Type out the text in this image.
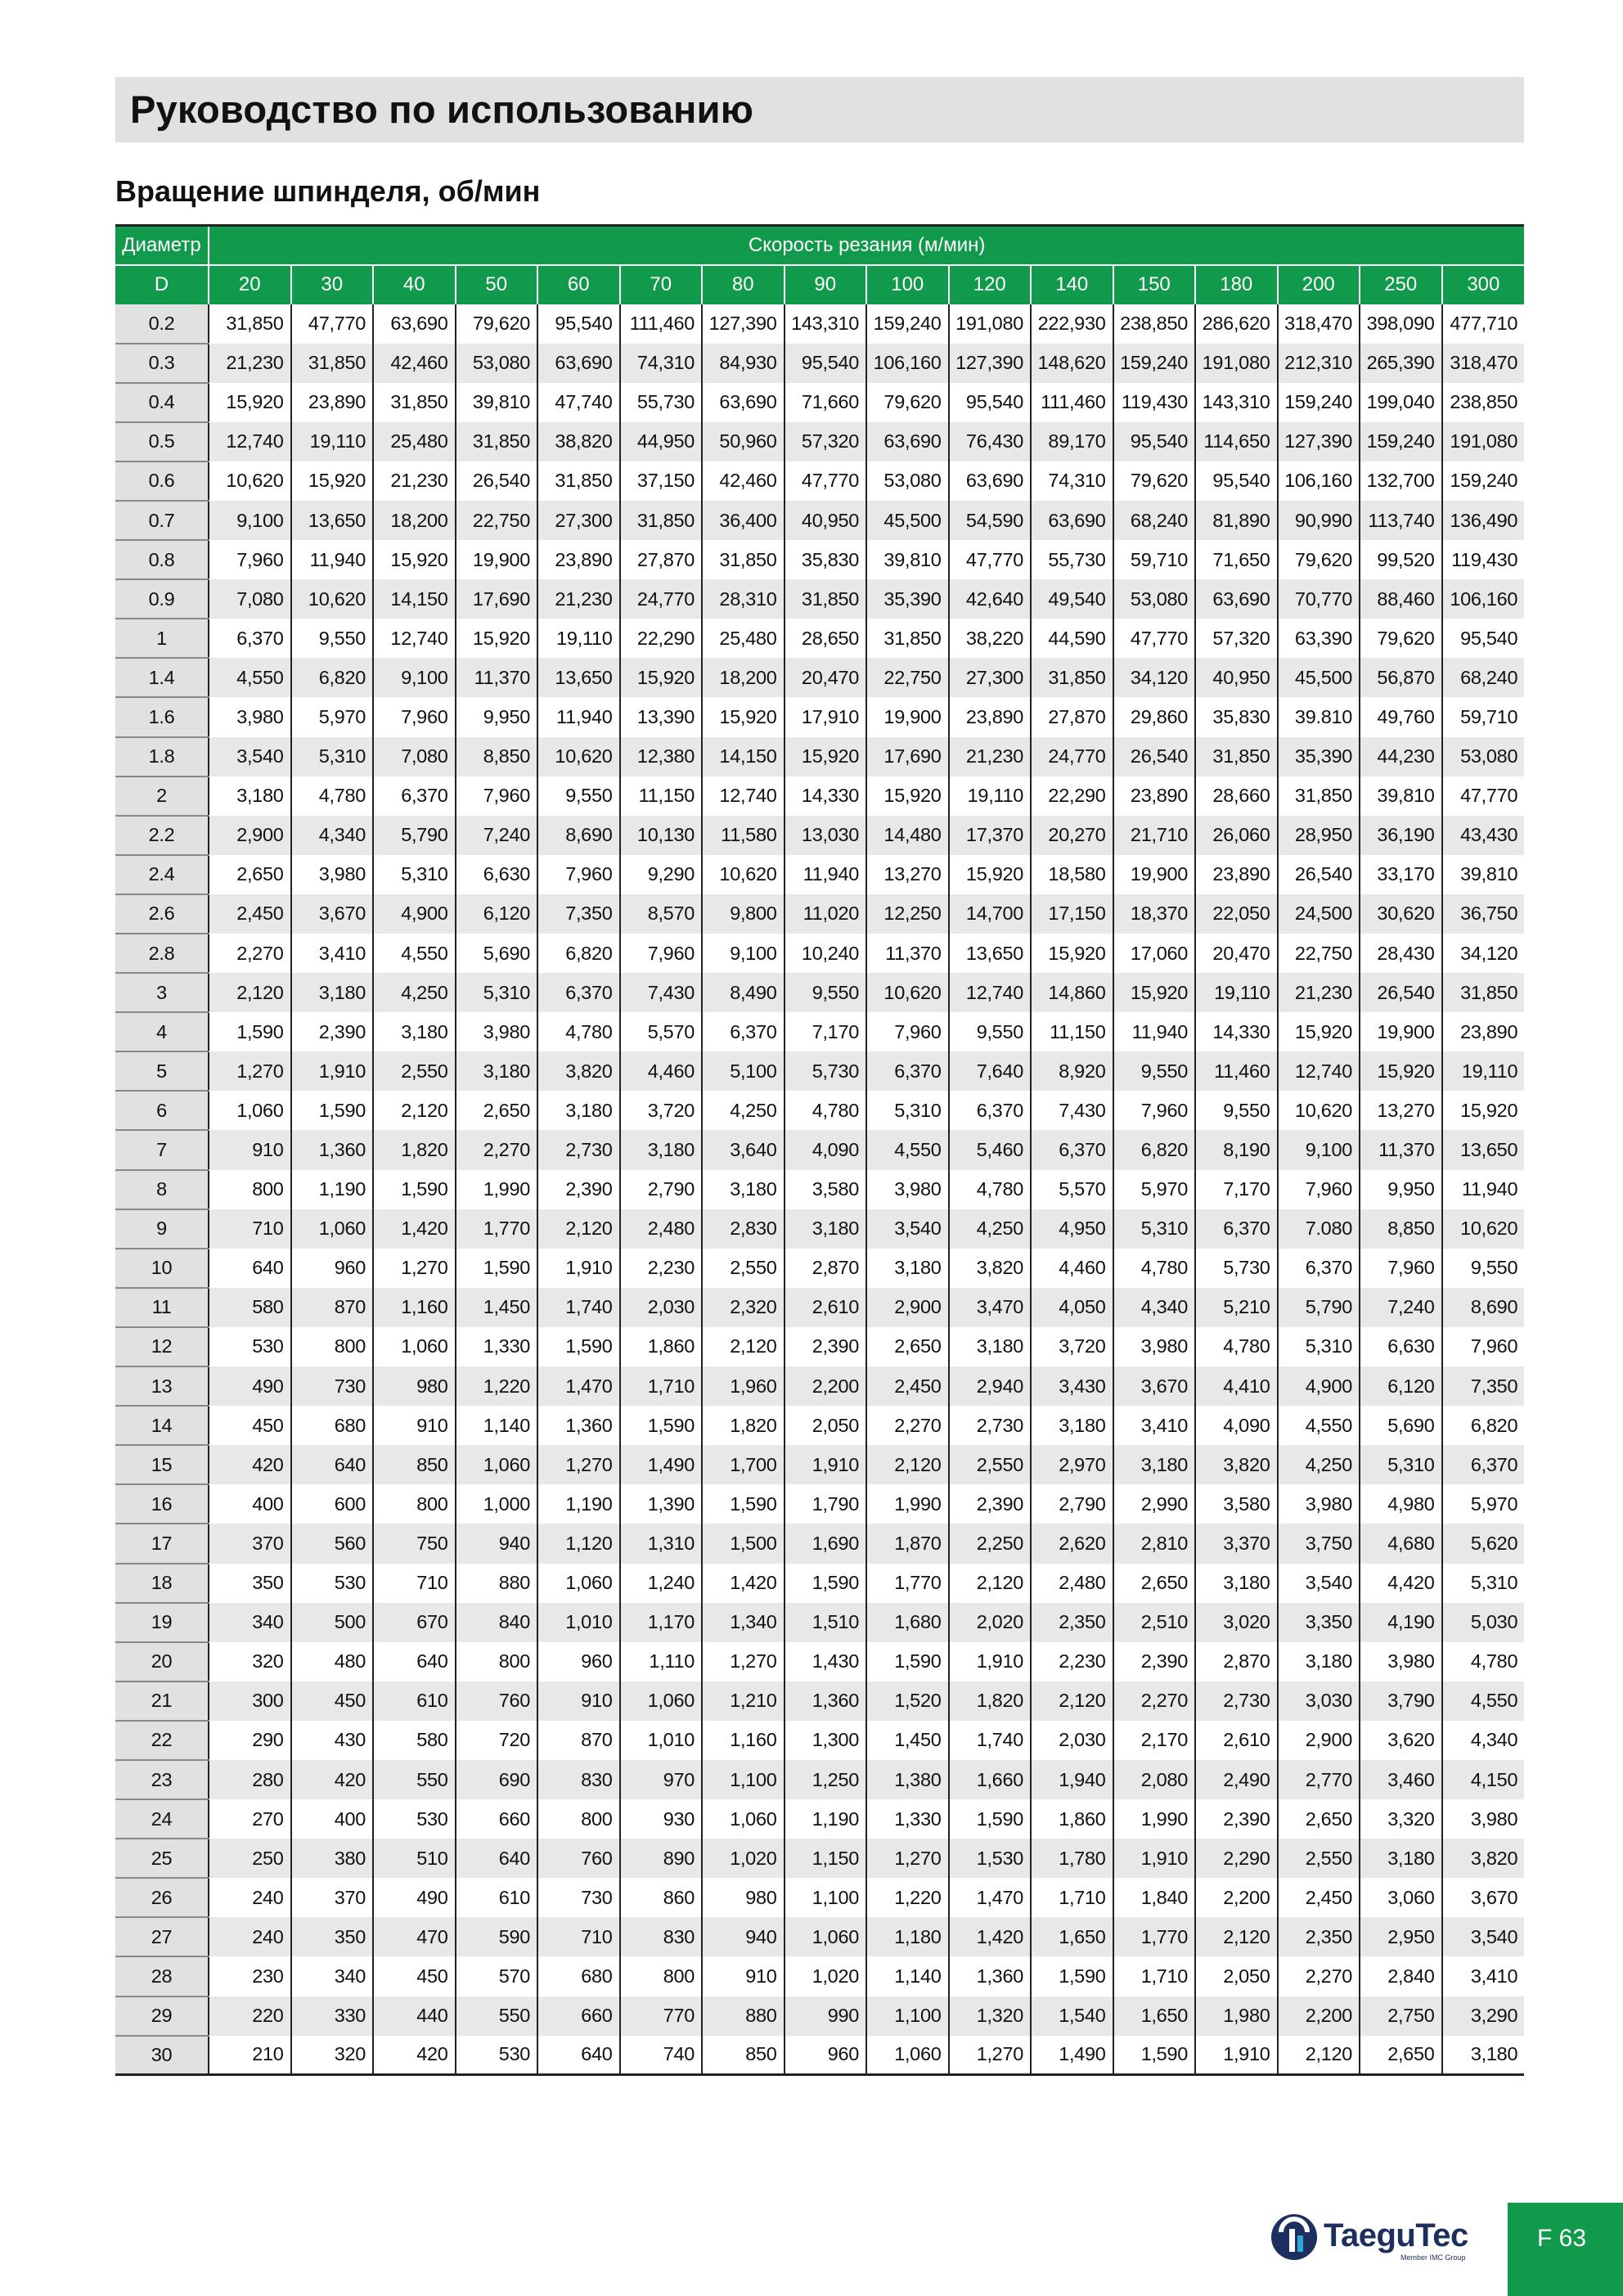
Руководство по использованию
Вращение шпинделя, об/мин
Диаметр	Скорость резания (м/мин)															
D	20	30	40	50	60	70	80	90	100	120	140	150	180	200	250	300
0.2	31,850	47,770	63,690	79,620	95,540	111,460	127,390	143,310	159,240	191,080	222,930	238,850	286,620	318,470	398,090	477,710
0.3	21,230	31,850	42,460	53,080	63,690	74,310	84,930	95,540	106,160	127,390	148,620	159,240	191,080	212,310	265,390	318,470
0.4	15,920	23,890	31,850	39,810	47,740	55,730	63,690	71,660	79,620	95,540	111,460	119,430	143,310	159,240	199,040	238,850
0.5	12,740	19,110	25,480	31,850	38,820	44,950	50,960	57,320	63,690	76,430	89,170	95,540	114,650	127,390	159,240	191,080
0.6	10,620	15,920	21,230	26,540	31,850	37,150	42,460	47,770	53,080	63,690	74,310	79,620	95,540	106,160	132,700	159,240
0.7	9,100	13,650	18,200	22,750	27,300	31,850	36,400	40,950	45,500	54,590	63,690	68,240	81,890	90,990	113,740	136,490
0.8	7,960	11,940	15,920	19,900	23,890	27,870	31,850	35,830	39,810	47,770	55,730	59,710	71,650	79,620	99,520	119,430
0.9	7,080	10,620	14,150	17,690	21,230	24,770	28,310	31,850	35,390	42,640	49,540	53,080	63,690	70,770	88,460	106,160
1	6,370	9,550	12,740	15,920	19,110	22,290	25,480	28,650	31,850	38,220	44,590	47,770	57,320	63,390	79,620	95,540
1.4	4,550	6,820	9,100	11,370	13,650	15,920	18,200	20,470	22,750	27,300	31,850	34,120	40,950	45,500	56,870	68,240
1.6	3,980	5,970	7,960	9,950	11,940	13,390	15,920	17,910	19,900	23,890	27,870	29,860	35,830	39.810	49,760	59,710
1.8	3,540	5,310	7,080	8,850	10,620	12,380	14,150	15,920	17,690	21,230	24,770	26,540	31,850	35,390	44,230	53,080
2	3,180	4,780	6,370	7,960	9,550	11,150	12,740	14,330	15,920	19,110	22,290	23,890	28,660	31,850	39,810	47,770
2.2	2,900	4,340	5,790	7,240	8,690	10,130	11,580	13,030	14,480	17,370	20,270	21,710	26,060	28,950	36,190	43,430
2.4	2,650	3,980	5,310	6,630	7,960	9,290	10,620	11,940	13,270	15,920	18,580	19,900	23,890	26,540	33,170	39,810
2.6	2,450	3,670	4,900	6,120	7,350	8,570	9,800	11,020	12,250	14,700	17,150	18,370	22,050	24,500	30,620	36,750
2.8	2,270	3,410	4,550	5,690	6,820	7,960	9,100	10,240	11,370	13,650	15,920	17,060	20,470	22,750	28,430	34,120
3	2,120	3,180	4,250	5,310	6,370	7,430	8,490	9,550	10,620	12,740	14,860	15,920	19,110	21,230	26,540	31,850
4	1,590	2,390	3,180	3,980	4,780	5,570	6,370	7,170	7,960	9,550	11,150	11,940	14,330	15,920	19,900	23,890
5	1,270	1,910	2,550	3,180	3,820	4,460	5,100	5,730	6,370	7,640	8,920	9,550	11,460	12,740	15,920	19,110
6	1,060	1,590	2,120	2,650	3,180	3,720	4,250	4,780	5,310	6,370	7,430	7,960	9,550	10,620	13,270	15,920
7	910	1,360	1,820	2,270	2,730	3,180	3,640	4,090	4,550	5,460	6,370	6,820	8,190	9,100	11,370	13,650
8	800	1,190	1,590	1,990	2,390	2,790	3,180	3,580	3,980	4,780	5,570	5,970	7,170	7,960	9,950	11,940
9	710	1,060	1,420	1,770	2,120	2,480	2,830	3,180	3,540	4,250	4,950	5,310	6,370	7.080	8,850	10,620
10	640	960	1,270	1,590	1,910	2,230	2,550	2,870	3,180	3,820	4,460	4,780	5,730	6,370	7,960	9,550
11	580	870	1,160	1,450	1,740	2,030	2,320	2,610	2,900	3,470	4,050	4,340	5,210	5,790	7,240	8,690
12	530	800	1,060	1,330	1,590	1,860	2,120	2,390	2,650	3,180	3,720	3,980	4,780	5,310	6,630	7,960
13	490	730	980	1,220	1,470	1,710	1,960	2,200	2,450	2,940	3,430	3,670	4,410	4,900	6,120	7,350
14	450	680	910	1,140	1,360	1,590	1,820	2,050	2,270	2,730	3,180	3,410	4,090	4,550	5,690	6,820
15	420	640	850	1,060	1,270	1,490	1,700	1,910	2,120	2,550	2,970	3,180	3,820	4,250	5,310	6,370
16	400	600	800	1,000	1,190	1,390	1,590	1,790	1,990	2,390	2,790	2,990	3,580	3,980	4,980	5,970
17	370	560	750	940	1,120	1,310	1,500	1,690	1,870	2,250	2,620	2,810	3,370	3,750	4,680	5,620
18	350	530	710	880	1,060	1,240	1,420	1,590	1,770	2,120	2,480	2,650	3,180	3,540	4,420	5,310
19	340	500	670	840	1,010	1,170	1,340	1,510	1,680	2,020	2,350	2,510	3,020	3,350	4,190	5,030
20	320	480	640	800	960	1,110	1,270	1,430	1,590	1,910	2,230	2,390	2,870	3,180	3,980	4,780
21	300	450	610	760	910	1,060	1,210	1,360	1,520	1,820	2,120	2,270	2,730	3,030	3,790	4,550
22	290	430	580	720	870	1,010	1,160	1,300	1,450	1,740	2,030	2,170	2,610	2,900	3,620	4,340
23	280	420	550	690	830	970	1,100	1,250	1,380	1,660	1,940	2,080	2,490	2,770	3,460	4,150
24	270	400	530	660	800	930	1,060	1,190	1,330	1,590	1,860	1,990	2,390	2,650	3,320	3,980
25	250	380	510	640	760	890	1,020	1,150	1,270	1,530	1,780	1,910	2,290	2,550	3,180	3,820
26	240	370	490	610	730	860	980	1,100	1,220	1,470	1,710	1,840	2,200	2,450	3,060	3,670
27	240	350	470	590	710	830	940	1,060	1,180	1,420	1,650	1,770	2,120	2,350	2,950	3,540
28	230	340	450	570	680	800	910	1,020	1,140	1,360	1,590	1,710	2,050	2,270	2,840	3,410
29	220	330	440	550	660	770	880	990	1,100	1,320	1,540	1,650	1,980	2,200	2,750	3,290
30	210	320	420	530	640	740	850	960	1,060	1,270	1,490	1,590	1,910	2,120	2,650	3,180
TaeguTec
Member IMC Group
F 63
